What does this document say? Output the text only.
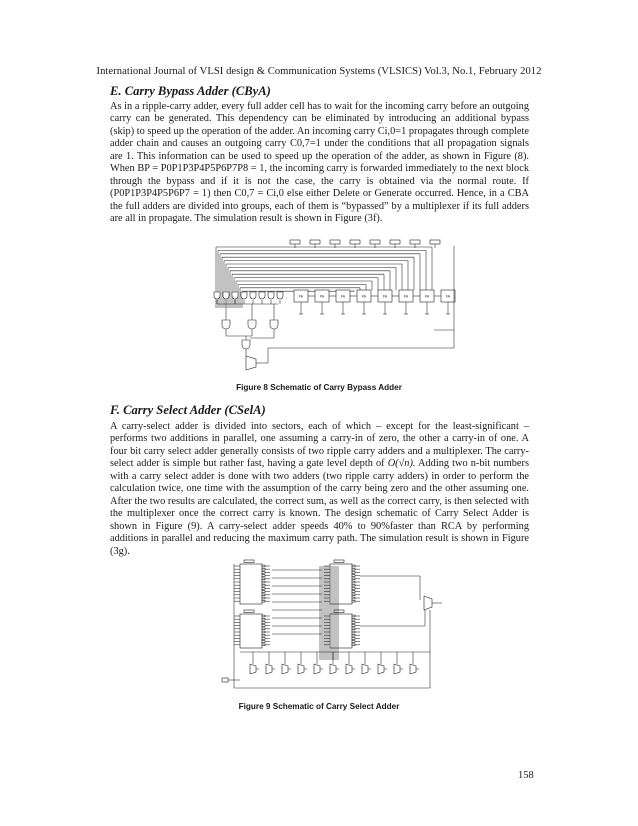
International Journal of VLSI design & Communication Systems (VLSICS) Vol.3, No.1, February 2012
E. Carry Bypass Adder (CByA)

As in a ripple-carry adder, every full adder cell has to wait for the incoming carry before an outgoing carry can be generated. This dependency can be eliminated by introducing an additional bypass (skip) to speed up the operation of the adder. An incoming carry Ci,0=1 propagates through complete adder chain and causes an outgoing carry C0,7=1 under the conditions that all propagation signals are 1. This information can be used to speed up the operation of the adder, as shown in Figure (8). When BP = P0P1P3P4P5P6P7P8 = 1, the incoming carry is forwarded immediately to the next block through the bypass and if it is not the case, the carry is obtained via the normal route. If (P0P1P3P4P5P6P7 = 1) then C0,7 = Ci,0 else either Delete or Generate occurred. Hence, in a CBA the full adders are divided into groups, each of them is “bypassed” by a multiplexer if its full adders are all in propagate. The simulation result is shown in Figure (3f).

FA	FA	FA	FA	FA	FA	FA	FA
Figure 8 Schematic of Carry Bypass Adder
F. Carry Select Adder (CSelA)

A carry-select adder is divided into sectors, each of which – except for the least-significant – performs two additions in parallel, one assuming a carry-in of zero, the other a carry-in of one. A four bit carry select adder generally consists of two ripple carry adders and a multiplexer. The carry-select adder is simple but rather fast, having a gate level depth of O(√n). Adding two n-bit numbers with a carry select adder is done with two adders (two ripple carry adders) in order to perform the calculation twice, one time with the assumption of the carry being zero and the other assuming one. After the two results are calculated, the correct sum, as well as the correct carry, is then selected with the multiplexer once the correct carry is known. The design schematic of Carry Select Adder is shown in Figure (9). A carry-select adder speeds 40% to 90%faster than RCA by performing additions in parallel and reducing the maximum carry path. The simulation result is shown in Figure (3g).

Figure 9 Schematic of Carry Select Adder
158
